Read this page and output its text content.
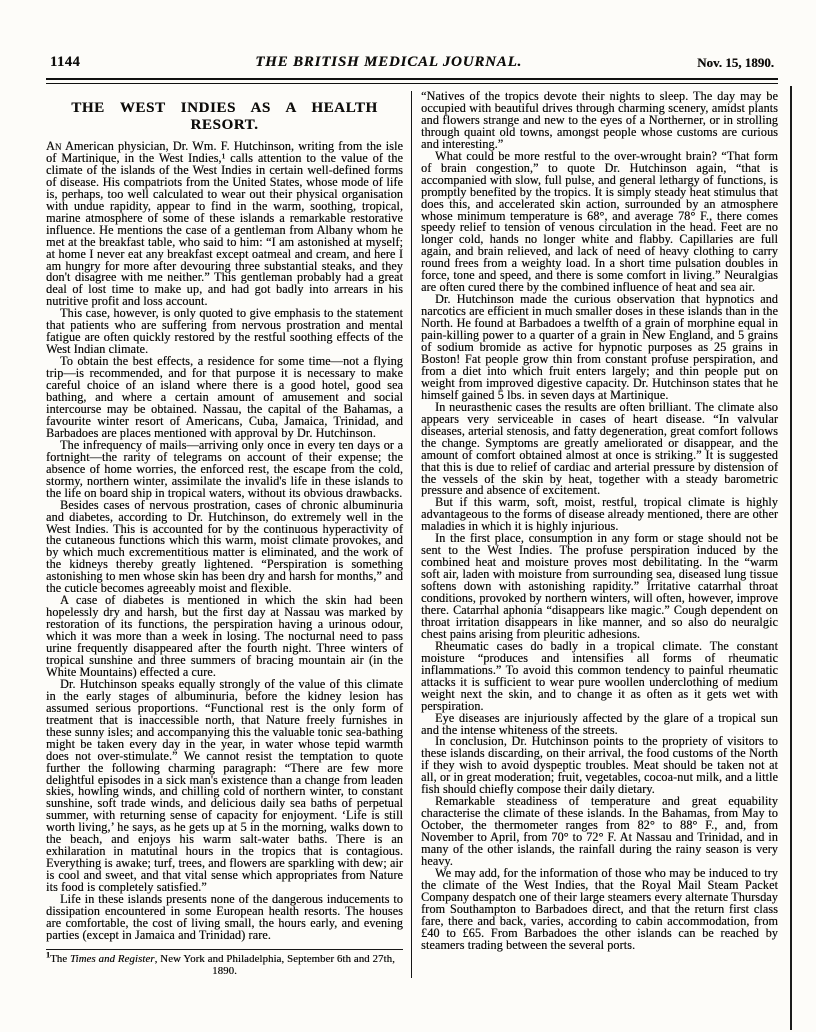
1144	THE BRITISH MEDICAL JOURNAL.	Nov. 15, 1890.
THE WEST INDIES AS A HEALTH
RESORT.

An American physician, Dr. Wm. F. Hutchinson, writing from the isle of Martinique, in the West Indies,¹ calls attention to the value of the climate of the islands of the West Indies in certain well-defined forms of disease. His compatriots from the United States, whose mode of life is, perhaps, too well calculated to wear out their physical organisation with undue rapidity, appear to find in the warm, soothing, tropical, marine atmosphere of some of these islands a remarkable restorative influence. He mentions the case of a gentleman from Albany whom he met at the breakfast table, who said to him: “I am astonished at myself; at home I never eat any breakfast except oatmeal and cream, and here I am hungry for more after devouring three substantial steaks, and they don't disagree with me neither.” This gentleman probably had a great deal of lost time to make up, and had got badly into arrears in his nutritive profit and loss account.

This case, however, is only quoted to give emphasis to the statement that patients who are suffering from nervous prostration and mental fatigue are often quickly restored by the restful soothing effects of the West Indian climate.

To obtain the best effects, a residence for some time—not a flying trip—is recommended, and for that purpose it is necessary to make careful choice of an island where there is a good hotel, good sea bathing, and where a certain amount of amusement and social intercourse may be obtained. Nassau, the capital of the Bahamas, a favourite winter resort of Americans, Cuba, Jamaica, Trinidad, and Barbadoes are places mentioned with approval by Dr. Hutchinson.

The infrequency of mails—arriving only once in every ten days or a fortnight—the rarity of telegrams on account of their expense; the absence of home worries, the enforced rest, the escape from the cold, stormy, northern winter, assimilate the invalid's life in these islands to the life on board ship in tropical waters, without its obvious drawbacks.

Besides cases of nervous prostration, cases of chronic albuminuria and diabetes, according to Dr. Hutchinson, do extremely well in the West Indies. This is accounted for by the continuous hyperactivity of the cutaneous functions which this warm, moist climate provokes, and by which much excrementitious matter is eliminated, and the work of the kidneys thereby greatly lightened. “Perspiration is something astonishing to men whose skin has been dry and harsh for months,” and the cuticle becomes agreeably moist and flexible.

A case of diabetes is mentioned in which the skin had been hopelessly dry and harsh, but the first day at Nassau was marked by restoration of its functions, the perspiration having a urinous odour, which it was more than a week in losing. The nocturnal need to pass urine frequently disappeared after the fourth night. Three winters of tropical sunshine and three summers of bracing mountain air (in the White Mountains) effected a cure.

Dr. Hutchinson speaks equally strongly of the value of this climate in the early stages of albuminuria, before the kidney lesion has assumed serious proportions. “Functional rest is the only form of treatment that is inaccessible north, that Nature freely furnishes in these sunny isles; and accompanying this the valuable tonic sea-bathing might be taken every day in the year, in water whose tepid warmth does not over-stimulate.” We cannot resist the temptation to quote further the following charming paragraph: “There are few more delightful episodes in a sick man's existence than a change from leaden skies, howling winds, and chilling cold of northern winter, to constant sunshine, soft trade winds, and delicious daily sea baths of perpetual summer, with returning sense of capacity for enjoyment. ‘Life is still worth living,’ he says, as he gets up at 5 in the morning, walks down to the beach, and enjoys his warm salt-water baths. There is an exhilaration in matutinal hours in the tropics that is contagious. Everything is awake; turf, trees, and flowers are sparkling with dew; air is cool and sweet, and that vital sense which appropriates from Nature its food is completely satisfied.”

Life in these islands presents none of the dangerous inducements to dissipation encountered in some European health resorts. The houses are comfortable, the cost of living small, the hours early, and evening parties (except in Jamaica and Trinidad) rare.

$^1$The Times and Register, New York and Philadelphia, September 6th and 27th,
1890.

“Natives of the tropics devote their nights to sleep. The day may be occupied with beautiful drives through charming scenery, amidst plants and flowers strange and new to the eyes of a Northerner, or in strolling through quaint old towns, amongst people whose customs are curious and interesting.”

What could be more restful to the over-wrought brain? “That form of brain congestion,” to quote Dr. Hutchinson again, “that is accompanied with slow, full pulse, and general lethargy of functions, is promptly benefited by the tropics. It is simply steady heat stimulus that does this, and accelerated skin action, surrounded by an atmosphere whose minimum temperature is 68°, and average 78° F., there comes speedy relief to tension of venous circulation in the head. Feet are no longer cold, hands no longer white and flabby. Capillaries are full again, and brain relieved, and lack of need of heavy clothing to carry round frees from a weighty load. In a short time pulsation doubles in force, tone and speed, and there is some comfort in living.” Neuralgias are often cured there by the combined influence of heat and sea air.

Dr. Hutchinson made the curious observation that hypnotics and narcotics are efficient in much smaller doses in these islands than in the North. He found at Barbadoes a twelfth of a grain of morphine equal in pain-killing power to a quarter of a grain in New England, and 5 grains of sodium bromide as active for hypnotic purposes as 25 grains in Boston! Fat people grow thin from constant profuse perspiration, and from a diet into which fruit enters largely; and thin people put on weight from improved digestive capacity. Dr. Hutchinson states that he himself gained 5 lbs. in seven days at Martinique.

In neurasthenic cases the results are often brilliant. The climate also appears very serviceable in cases of heart disease. “In valvular diseases, arterial stenosis, and fatty degeneration, great comfort follows the change. Symptoms are greatly ameliorated or disappear, and the amount of comfort obtained almost at once is striking.” It is suggested that this is due to relief of cardiac and arterial pressure by distension of the vessels of the skin by heat, together with a steady barometric pressure and absence of excitement.

But if this warm, soft, moist, restful, tropical climate is highly advantageous to the forms of disease already mentioned, there are other maladies in which it is highly injurious.

In the first place, consumption in any form or stage should not be sent to the West Indies. The profuse perspiration induced by the combined heat and moisture proves most debilitating. In the “warm soft air, laden with moisture from surrounding sea, diseased lung tissue softens down with astonishing rapidity.” Irritative catarrhal throat conditions, provoked by northern winters, will often, however, improve there. Catarrhal aphonia “disappears like magic.” Cough dependent on throat irritation disappears in like manner, and so also do neuralgic chest pains arising from pleuritic adhesions.

Rheumatic cases do badly in a tropical climate. The constant moisture “produces and intensifies all forms of rheumatic inflammations.” To avoid this common tendency to painful rheumatic attacks it is sufficient to wear pure woollen underclothing of medium weight next the skin, and to change it as often as it gets wet with perspiration.

Eye diseases are injuriously affected by the glare of a tropical sun and the intense whiteness of the streets.

In conclusion, Dr. Hutchinson points to the propriety of visitors to these islands discarding, on their arrival, the food customs of the North if they wish to avoid dyspeptic troubles. Meat should be taken not at all, or in great moderation; fruit, vegetables, cocoa-nut milk, and a little fish should chiefly compose their daily dietary.

Remarkable steadiness of temperature and great equability characterise the climate of these islands. In the Bahamas, from May to October, the thermometer ranges from 82° to 88° F., and, from November to April, from 70° to 72° F. At Nassau and Trinidad, and in many of the other islands, the rainfall during the rainy season is very heavy.

We may add, for the information of those who may be induced to try the climate of the West Indies, that the Royal Mail Steam Packet Company despatch one of their large steamers every alternate Thursday from Southampton to Barbadoes direct, and that the return first class fare, there and back, varies, according to cabin accommodation, from £40 to £65. From Barbadoes the other islands can be reached by steamers trading between the several ports.
